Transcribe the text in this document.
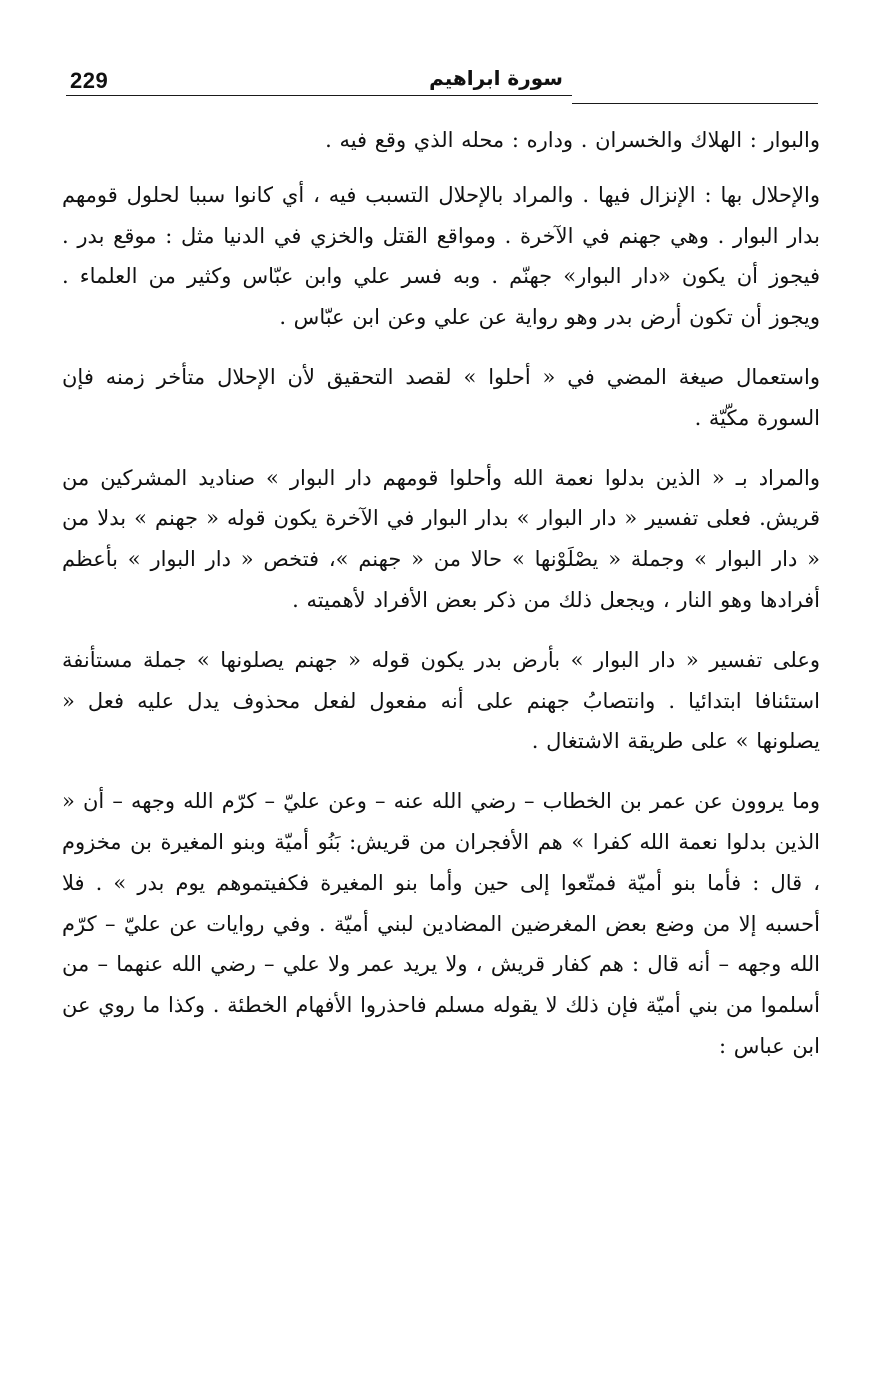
229	سورة ابراهيم

والبوار : الهلاك والخسران . وداره : محله الذي وقع فيه .

والإحلال بها : الإنزال فيها . والمراد بالإحلال التسبب فيه ، أي كانوا سببا لحلول قومهم بدار البوار . وهي جهنم في الآخرة . ومواقع القتل والخزي في الدنيا مثل : موقع بدر . فيجوز أن يكون «دار البوار» جهنّم . وبه فسر علي وابن عبّاس وكثير من العلماء . ويجوز أن تكون أرض بدر وهو رواية عن علي وعن ابن عبّاس .

واستعمال صيغة المضي في « أحلوا » لقصد التحقيق لأن الإحلال متأخر زمنه فإن السورة مكّيّة .

والمراد بـ « الذين بدلوا نعمة الله وأحلوا قومهم دار البوار » صناديد المشركين من قريش. فعلى تفسير « دار البوار » بدار البوار في الآخرة يكون قوله « جهنم » بدلا من « دار البوار » وجملة « يصْلَوْنها » حالا من « جهنم »، فتخص « دار البوار » بأعظم أفرادها وهو النار ، ويجعل ذلك من ذكر بعض الأفراد لأهميته .

وعلى تفسير « دار البوار » بأرض بدر يكون قوله « جهنم يصلونها » جملة مستأنفة استئنافا ابتدائيا . وانتصابُ جهنم على أنه مفعول لفعل محذوف يدل عليه فعل « يصلونها » على طريقة الاشتغال .

وما يروون عن عمر بن الخطاب – رضي الله عنه – وعن عليّ – كرّم الله وجهه – أن « الذين بدلوا نعمة الله كفرا » هم الأفجران من قريش: بَنُو أميّة وبنو المغيرة بن مخزوم ، قال : فأما بنو أميّة فمتّعوا إلى حين وأما بنو المغيرة فكفيتموهم يوم بدر » . فلا أحسبه إلا من وضع بعض المغرضين المضادين لبني أميّة . وفي روايات عن عليّ – كرّم الله وجهه – أنه قال : هم كفار قريش ، ولا يريد عمر ولا علي – رضي الله عنهما – من أسلموا من بني أميّة فإن ذلك لا يقوله مسلم فاحذروا الأفهام الخطئة . وكذا ما روي عن ابن عباس :
